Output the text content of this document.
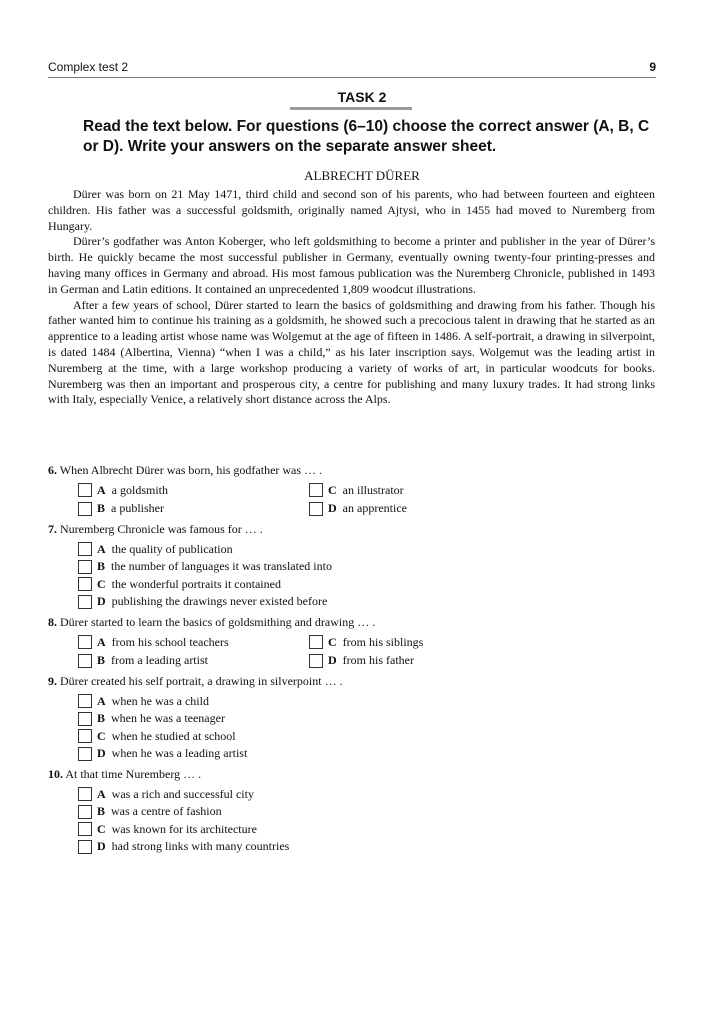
Complex test 2	9
TASK 2
Read the text below. For questions (6–10) choose the correct answer (A, B, C or D). Write your answers on the separate answer sheet.
ALBRECHT DÜRER

Dürer was born on 21 May 1471, third child and second son of his parents, who had between fourteen and eighteen children. His father was a successful goldsmith, originally named Ajtysi, who in 1455 had moved to Nuremberg from Hungary.

Dürer’s godfather was Anton Koberger, who left goldsmithing to become a printer and publisher in the year of Dürer’s birth. He quickly became the most successful publisher in Germany, eventually owning twenty-four printing-presses and having many offices in Germany and abroad. His most famous publication was the Nuremberg Chronicle, published in 1493 in German and Latin editions. It contained an unprecedented 1,809 woodcut illustrations.

After a few years of school, Dürer started to learn the basics of goldsmithing and drawing from his father. Though his father wanted him to continue his training as a goldsmith, he showed such a precocious talent in drawing that he started as an apprentice to a leading artist whose name was Wolgemut at the age of fifteen in 1486. A self-portrait, a drawing in silverpoint, is dated 1484 (Albertina, Vienna) “when I was a child,” as his later inscription says. Wolgemut was the leading artist in Nuremberg at the time, with a large workshop producing a variety of works of art, in particular woodcuts for books. Nuremberg was then an important and prosperous city, a centre for publishing and many luxury trades. It had strong links with Italy, especially Venice, a relatively short distance across the Alps.

6. When Albrecht Dürer was born, his godfather was … .
A a goldsmith	C an illustrator
B a publisher	D an apprentice
7. Nuremberg Chronicle was famous for … .
A the quality of publication
B the number of languages it was translated into
C the wonderful portraits it contained
D publishing the drawings never existed before
8. Dürer started to learn the basics of goldsmithing and drawing … .
A from his school teachers	C from his siblings
B from a leading artist	D from his father
9. Dürer created his self portrait, a drawing in silverpoint … .
A when he was a child
B when he was a teenager
C when he studied at school
D when he was a leading artist
10. At that time Nuremberg … .
A was a rich and successful city
B was a centre of fashion
C was known for its architecture
D had strong links with many countries
